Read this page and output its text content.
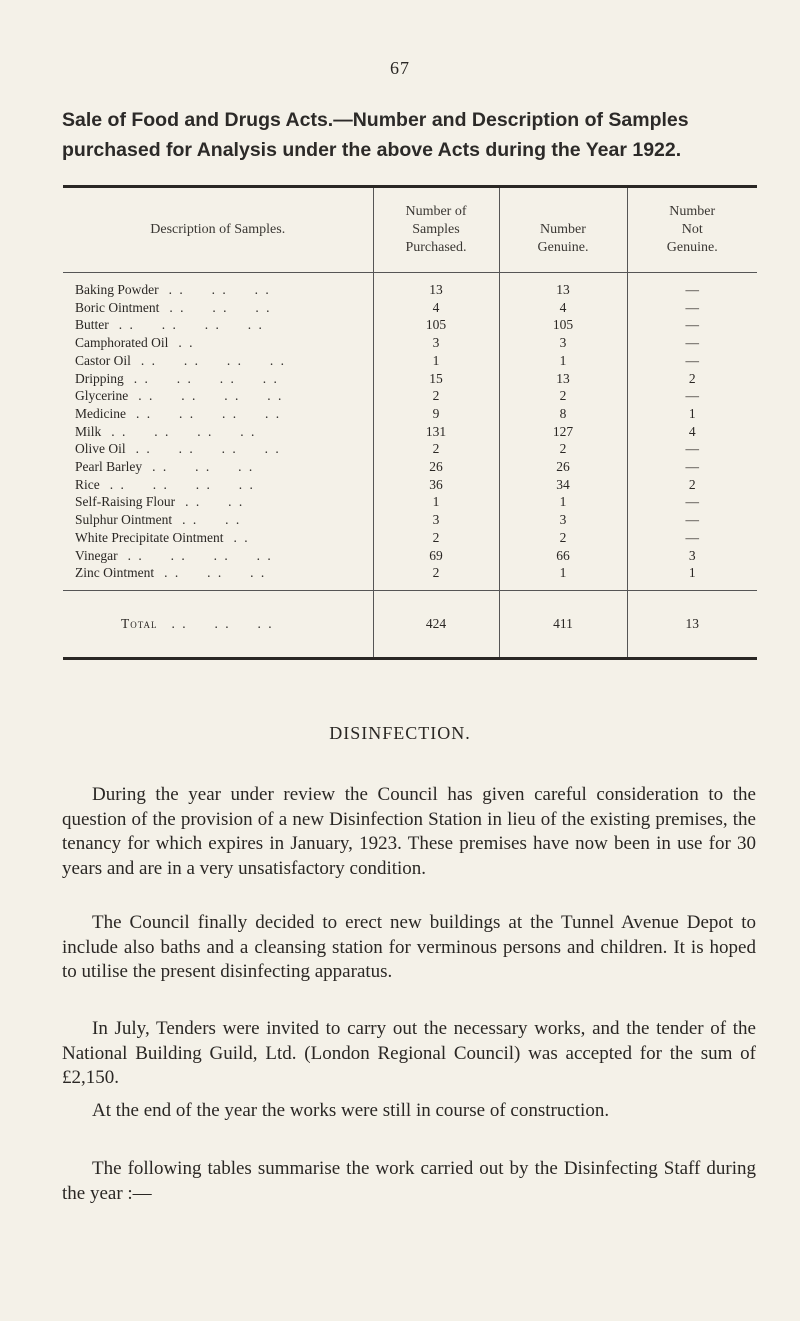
67
Sale of Food and Drugs Acts.—Number and Description of Samples purchased for Analysis under the above Acts during the Year 1922.
Description of Samples.	Number of Samples Purchased.	Number Genuine.	Number Not Genuine.

Baking Powder . .     . .     . .	13	13	—
Boric Ointment . .     . .     . .	4	4	—
Butter . .     . .     . .     . .	105	105	—
Camphorated Oil . .	3	3	—
Castor Oil . .     . .     . .     . .	1	1	—
Dripping . .     . .     . .     . .	15	13	2
Glycerine . .     . .     . .     . .	2	2	—
Medicine . .     . .     . .     . .	9	8	1
Milk . .     . .     . .     . .	131	127	4
Olive Oil . .     . .     . .     . .	2	2	—
Pearl Barley . .     . .     . .	26	26	—
Rice . .     . .     . .     . .	36	34	2
Self-Raising Flour . .     . .	1	1	—
Sulphur Ointment . .     . .	3	3	—
White Precipitate Ointment . .	2	2	—
Vinegar . .     . .     . .     . .	69	66	3
Zinc Ointment . .     . .     . .	2	1	1

Total . .     . .     . .	424	411	13
DISINFECTION.

During the year under review the Council has given careful consideration to the question of the provision of a new Disinfection Station in lieu of the existing premises, the tenancy for which expires in January, 1923. These premises have now been in use for 30 years and are in a very unsatisfactory condition.

The Council finally decided to erect new buildings at the Tunnel Avenue Depot to include also baths and a cleansing station for verminous persons and children. It is hoped to utilise the present disinfecting apparatus.

In July, Tenders were invited to carry out the necessary works, and the tender of the National Building Guild, Ltd. (London Regional Council) was accepted for the sum of £2,150.

At the end of the year the works were still in course of construction.

The following tables summarise the work carried out by the Disinfecting Staff during the year :—
